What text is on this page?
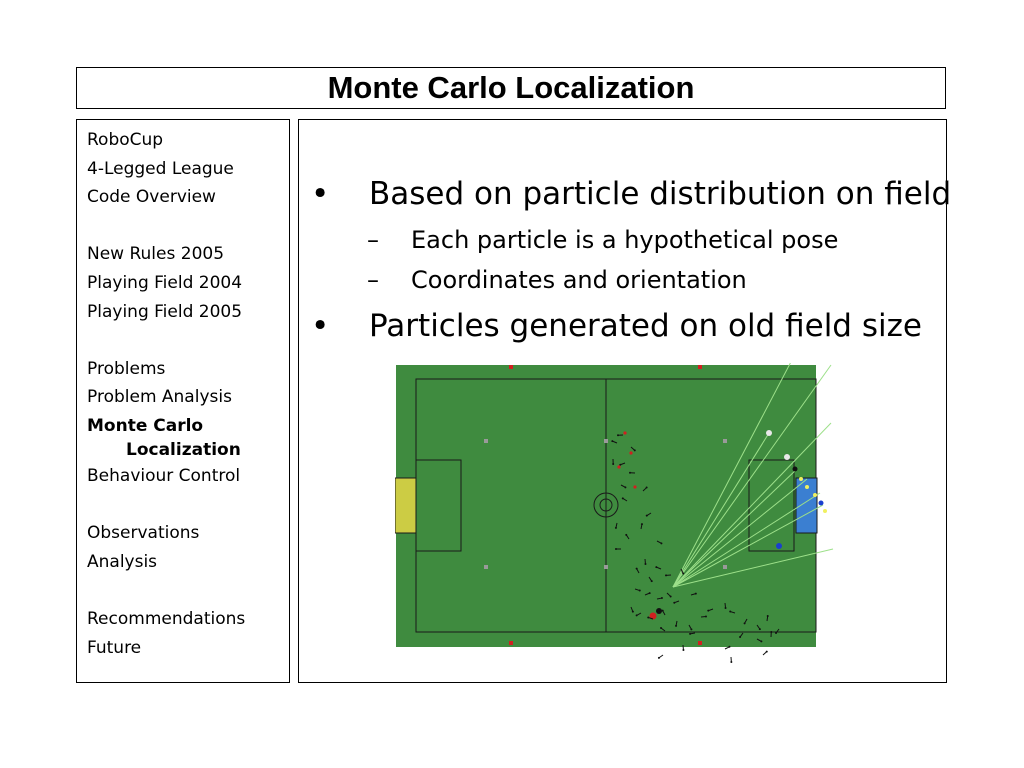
Monte Carlo Localization
RoboCup
4-Legged League
Code Overview
New Rules 2005
Playing Field 2004
Playing Field 2005
Problems
Problem Analysis
Monte Carlo
Localization
Behaviour Control
Observations
Analysis
Recommendations
Future
• Based on particle distribution on field
– Each particle is a hypothetical pose
– Coordinates and orientation
• Particles generated on old field size
